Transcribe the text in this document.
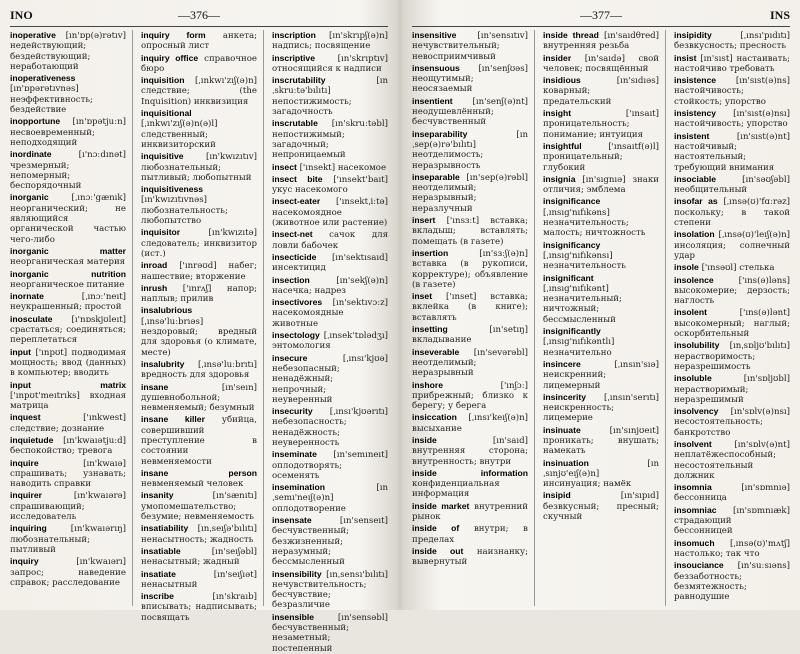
INO	—376—
inoperative [ın'ɒp(ə)rətıv] недействующий; бездействующий; неработающий
inoperativeness [ın'ɒpərətıvnəs] неэффективность; бездействие
inopportune [ın'ɒpətjuːn] несвоевременный; неподходящий
inordinate	[ı'nɔːdınət] чрезмерный; непомерный; беспорядочный
inorganic	[ˌınɔː'gænık] неорганический; не являющийся органической частью чего-либо
inorganic matter неорганическая материя
inorganic nutrition неорганическое питание
inornate	[ˌınɔː'neıt] неукрашенный; простой
inosculate [ı'nɒskjʊleıt] срастаться; соединяться; переплетаться
input ['ınpʊt] подводимая мощность; ввод (данных) в компьютер; вводить
input matrix ['ınpʊt'meıtrıks] входная матрица
inquest	['ınkwest] следствие; дознание
inquietude [ın'kwaıətjuːd] беспокойство; тревога
inquire	[ın'kwaıə] спрашивать; узнавать; наводить справки
inquirer	[ın'kwaıərə] спрашивающий; исследователь
inquiring	[ın'kwaıərıŋ] любознательный; пытливый
inquiry	[ın'kwaıərı] запрос; наведение справок; расследование
inquiry form анкета; опросный лист
inquiry office справочное бюро
inquisition [ˌınkwı'zıʃ(ə)n] следствие; (the Inquisition) инквизиция
inquisitional [ˌınkwı'zıʃ(ə)n(ə)l] следственный; инквизиторский
inquisitive	[ın'kwızıtıv] любознательный; пытливый; любопытный
inquisitiveness [ın'kwızıtıvnəs] любознательность; любопытство
inquisitor	[ın'kwızıtə] следователь; инквизитор (ист.)
inroad ['ınrəʊd] набег; нашествие; вторжение
inrush ['ınrʌʃ] напор; наплыв; прилив
insalubrious [ˌınsə'luːbrıəs] нездоровый; вредный для здоровья (о климате, месте)
insalubrity [ˌınsə'luːbrıtı] вредность для здоровья
insane	[ın'seın] душевнобольной; невменяемый; безумный
insane killer убийца, совершивший преступление в состоянии невменяемости
insane person невменяемый человек
insanity	[ın'sænıtı] умопомешательство; безумие; невменяемость
insatiability [ınˌseıʃə'bılıtı] ненасытность; жадность
insatiable	[ın'seıʃəbl] ненасытный; жадный
insatiate	[ın'seıʃıət] ненасытный
inscribe	[ın'skraıb] вписывать; надписывать; посвящать
inscription [ın'skrıpʃ(ə)n] надпись; посвящение
inscriptive	[ın'skrıptıv] относящийся к надписи
inscrutability	[ınˌskruːtə'bılıtı] непостижимость; загадочность
inscrutable [ın'skruːtəbl] непостижимый; загадочный; непроницаемый
insect ['ınsekt] насекомое
insect bite ['ınsekt'baıt] укус насекомого
insect-eater ['ınsektˌiːtə] насекомоядное (животное или растение)
insect-net сачок для ловли бабочек
insecticide [ın'sektısaıd] инсектицид
insection	[ın'sekʃ(ə)n] насечка; надрез
insectivores [ın'sektıvɔːz] насекомоядные животные
insectology [ˌınsek'tɒlədʒı] энтомология
insecure	[ˌınsı'kjʊə] небезопасный; ненадёжный; непрочный; неуверенный
insecurity [ˌınsı'kjʊərıtı] небезопасность; ненадёжность; неуверенность
inseminate [ın'semıneıt] оплодотворять; осеменять
insemination	[ınˌsemı'neıʃ(ə)n] оплодотворение
insensate	[ın'senseıt] бесчувственный; безжизненный; неразумный; бессмысленный
insensibility [ınˌsensı'bılıtı] нечувствительность; бесчувствие; безразличие
insensible	[ın'sensəbl] бесчувственный; незаметный; постепенный
—377—	INS
insensitive [ın'sensıtıv] нечувствительный; невосприимчивый
insensuous [ın'senʃʊəs] неощутимый; неосязаемый
insentient [ın'senʃ(ə)nt] неодушевлённый; бесчувственный
inseparability	[ınˌsep(ə)rə'bılıtı] неотделимость; неразрывность
inseparable [ın'sep(ə)rəbl] неотделимый; неразрывный; неразлучный
insert ['ınsɜːt] вставка; вкладыш; вставлять; помещать (в газете)
insertion	[ın'sɜːʃ(ə)n] вставка (в рукописи, корректуре); объявление (в газете)
inset ['ınset] вставка; вклейка (в книге); вставлять
insetting	[ın'setıŋ] вкладывание
inseverable [ın'sevərəbl] неотделимый; неразрывный
inshore	['ınʃɔː] прибрежный; близко к берегу; у берега
insiccation [ˌınsı'keıʃ(ə)n] высыхание
inside	[ın'saıd] внутренняя сторона; внутренность; внутри
inside information конфиденциальная информация
inside market внутренний рынок
inside of внутри; в пределах
inside out наизнанку; вывернутый
inside thread [ın'saıdθred] внутренняя резьба
insider [ın'saıdə] свой человек; посвящённый
insidious	[ın'sıdıəs] коварный; предательский
insight	['ınsaıt] проницательность; понимание; интуиция
insightful	['ınsaıtf(ə)l] проницательный; глубокий
insignia [ın'sıgnıə] знаки отличия; эмблема
insignificance [ˌınsıg'nıfıkəns] незначительность; малость; ничтожность
insignificancy [ˌınsıg'nıfıkənsı] незначительность
insignificant [ˌınsıg'nıfıkənt] незначительный; ничтожный; бессмысленный
insignificantly [ˌınsıg'nıfıkəntlı] незначительно
insincere	[ˌınsın'sıə] неискренний; лицемерный
insincerity [ˌınsın'serıtı] неискренность; лицемерие
insinuate	[ın'sınjʊeıt] проникать; внушать; намекать
insinuation	[ınˌsınjʊ'eıʃ(ə)n] инсинуация; намёк
insipid	[ın'sıpıd] безвкусный; пресный; скучный
insipidity	[ˌınsı'pıdıtı] безвкусность; пресность
insist [ın'sıst] настаивать; настойчиво требовать
insistence [ın'sıst(ə)ns] настойчивость; стойкость; упорство
insistency [ın'sıst(ə)nsı] настойчивость; упорство
insistent	[ın'sıst(ə)nt] настойчивый; настоятельный; требующий внимания
insociable	[ın'səʊʃəbl] необщительный
insofar as [ˌınsə(ʊ)'fɑːrəz] поскольку; в такой степени
insolation [ˌınsə(ʊ)'leıʃ(ə)n] инсоляция; солнечный удар
insole ['ınsəʊl] стелька
insolence	['ıns(ə)ləns] высокомерие; дерзость; наглость
insolent	['ıns(ə)lənt] высокомерный; наглый; оскорбительный
insolubility [ınˌsɒljʊ'bılıtı] нерастворимость; неразрешимость
insoluble	[ın'sɒljʊbl] нерастворимый; неразрешимый
insolvency [ın'sɒlv(ə)nsı] несостоятельность; банкротство
insolvent	[ın'sɒlv(ə)nt] неплатёжеспособный; несостоятельный должник
insomnia	[ın'sɒmnıə] бессонница
insomniac [ın'sɒmnıæk] страдающий бессонницей
insomuch [ˌınsə(ʊ)'mʌtʃ] настолько; так что
insouciance [ın'suːsıəns] беззаботность; безмятежность; равнодушие
